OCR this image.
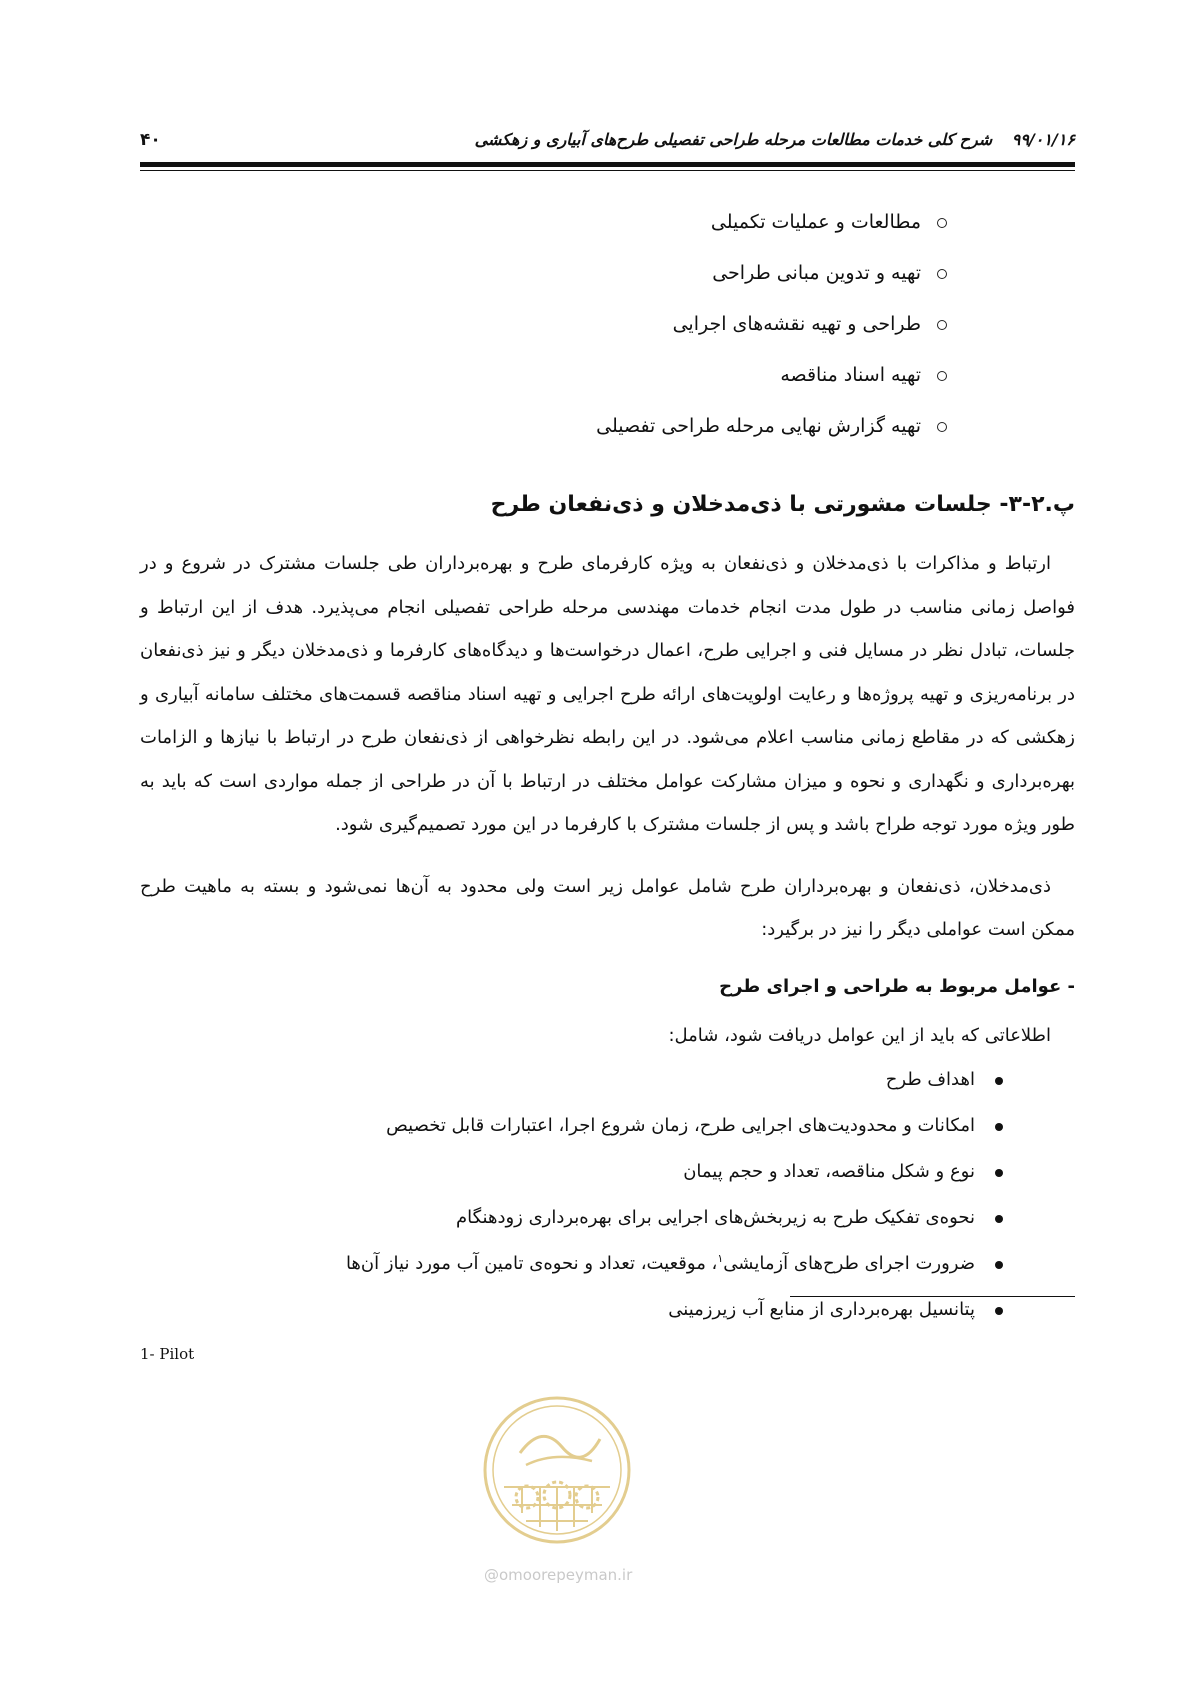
۹۹/۰۱/۱۶ شرح کلی خدمات مطالعات مرحله طراحی تفصیلی طرح‌های آبیاری و زهکشی
۴۰
مطالعات و عملیات تکمیلی
تهیه و تدوین مبانی طراحی
طراحی و تهیه نقشه‌های اجرایی
تهیه اسناد مناقصه
تهیه گزارش نهایی مرحله طراحی تفصیلی
پ.۲-۳- جلسات مشورتی با ذی‌مدخلان و ذی‌نفعان طرح

ارتباط و مذاکرات با ذی‌مدخلان و ذی‌نفعان به ویژه کارفرمای طرح و بهره‌برداران طی جلسات مشترک در شروع و در فواصل زمانی مناسب در طول مدت انجام خدمات مهندسی مرحله طراحی تفصیلی انجام می‌پذیرد. هدف از این ارتباط و جلسات، تبادل نظر در مسایل فنی و اجرایی طرح، اعمال درخواست‌ها و دیدگاه‌های کارفرما و ذی‌مدخلان دیگر و نیز ذی‌نفعان در برنامه‌ریزی و تهیه پروژه‌ها و رعایت اولویت‌های ارائه طرح اجرایی و تهیه اسناد مناقصه قسمت‌های مختلف سامانه آبیاری و زهکشی که در مقاطع زمانی مناسب اعلام می‌شود. در این رابطه نظرخواهی از ذی‌نفعان طرح در ارتباط با نیازها و الزامات بهره‌برداری و نگهداری و نحوه و میزان مشارکت عوامل مختلف در ارتباط با آن در طراحی از جمله مواردی است که باید به طور ویژه مورد توجه طراح باشد و پس از جلسات مشترک با کارفرما در این مورد تصمیم‌گیری شود.

ذی‌مدخلان، ذی‌نفعان و بهره‌برداران طرح شامل عوامل زیر است ولی محدود به آن‌ها نمی‌شود و بسته به ماهیت طرح ممکن است عواملی دیگر را نیز در برگیرد:

- عوامل مربوط به طراحی و اجرای طرح
اطلاعاتی که باید از این عوامل دریافت شود، شامل:
اهداف طرح
امکانات و محدودیت‌های اجرایی طرح، زمان شروع اجرا، اعتبارات قابل تخصیص
نوع و شکل مناقصه، تعداد و حجم پیمان
نحوه‌ی تفکیک طرح به زیربخش‌های اجرایی برای بهره‌برداری زودهنگام
ضرورت اجرای طرح‌های آزمایشی$^۱$، موقعیت، تعداد و نحوه‌ی تامین آب مورد نیاز آن‌ها
پتانسیل بهره‌برداری از منابع آب زیرزمینی
1- Pilot
@omoorepeyman.ir
